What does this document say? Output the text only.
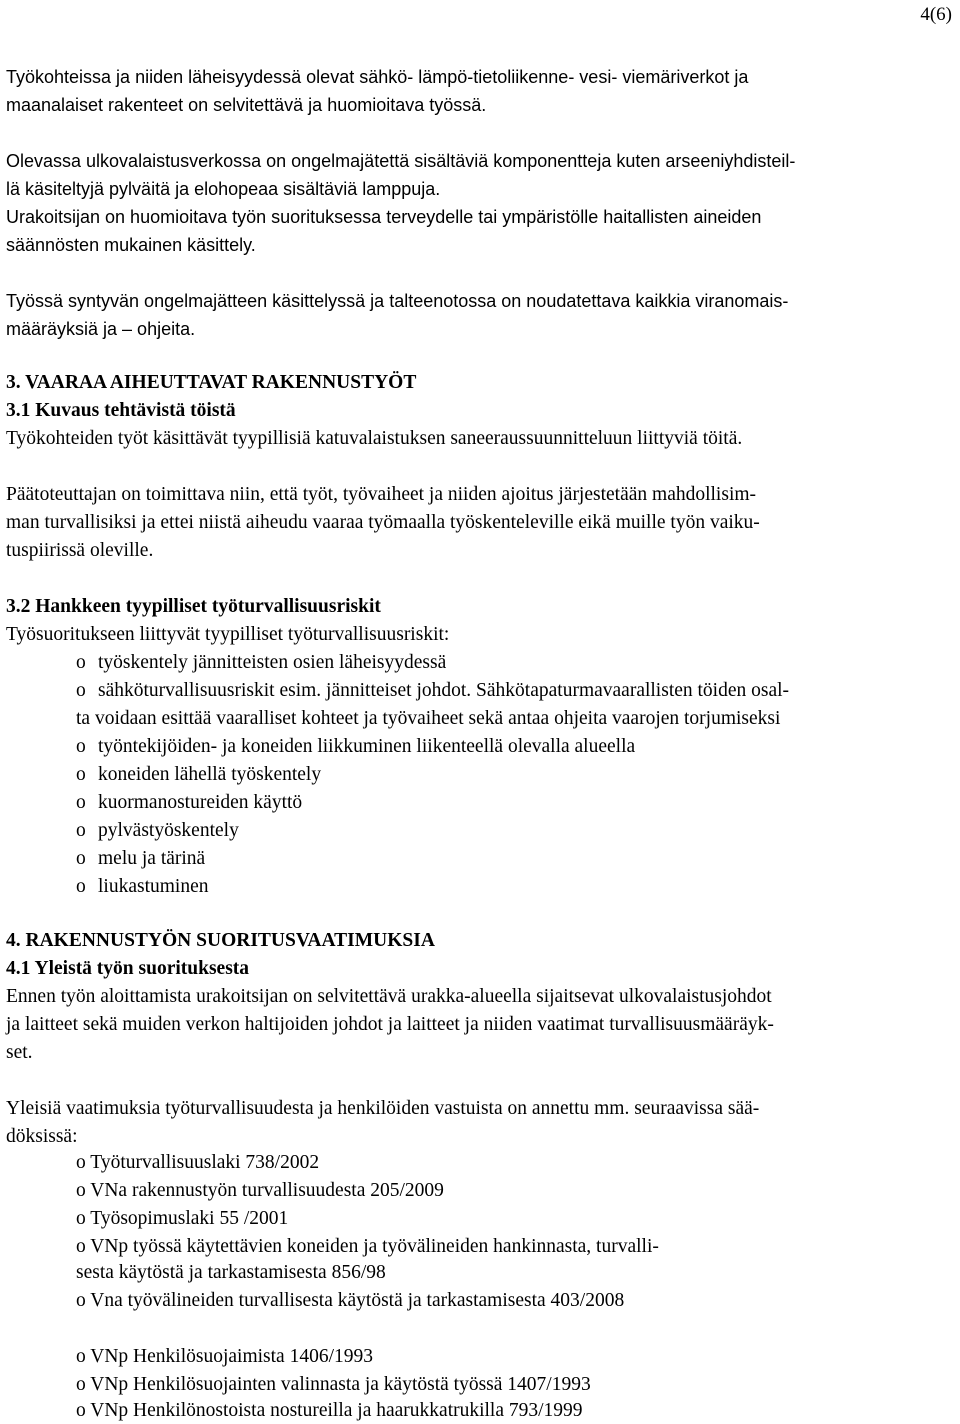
4(6)
Työkohteissa ja niiden läheisyydessä olevat sähkö- lämpö-tietoliikenne- vesi- viemäriverkot ja
maanalaiset rakenteet on selvitettävä ja huomioitava työssä.
Olevassa ulkovalaistusverkossa on ongelmajätettä sisältäviä komponentteja kuten arseeniyhdisteil-
lä käsiteltyjä pylväitä ja elohopeaa sisältäviä lamppuja.
Urakoitsijan on huomioitava työn suorituksessa terveydelle tai ympäristölle haitallisten aineiden
säännösten mukainen käsittely.
Työssä syntyvän ongelmajätteen käsittelyssä ja talteenotossa on noudatettava kaikkia viranomais-
määräyksiä ja – ohjeita.
3. VAARAA AIHEUTTAVAT RAKENNUSTYÖT
3.1 Kuvaus tehtävistä töistä
Työkohteiden työt käsittävät tyypillisiä katuvalaistuksen saneeraussuunnitteluun liittyviä töitä.
Päätoteuttajan on toimittava niin, että työt, työvaiheet ja niiden ajoitus järjestetään mahdollisim-
man turvallisiksi ja ettei niistä aiheudu vaaraa työmaalla työskenteleville eikä muille työn vaiku-
tuspiirissä oleville.
3.2 Hankkeen tyypilliset työturvallisuusriskit
Työsuoritukseen liittyvät tyypilliset työturvallisuusriskit:
o työskentely jännitteisten osien läheisyydessä
o sähköturvallisuusriskit esim. jännitteiset johdot. Sähkötapaturmavaarallisten töiden osal-
ta voidaan esittää vaaralliset kohteet ja työvaiheet sekä antaa ohjeita vaarojen torjumiseksi
o työntekijöiden- ja koneiden liikkuminen liikenteellä olevalla alueella
o koneiden lähellä työskentely
o kuormanostureiden käyttö
o pylvästyöskentely
o melu ja tärinä
o liukastuminen
4. RAKENNUSTYÖN SUORITUSVAATIMUKSIA
4.1 Yleistä työn suorituksesta
Ennen työn aloittamista urakoitsijan on selvitettävä urakka-alueella sijaitsevat ulkovalaistusjohdot
ja laitteet sekä muiden verkon haltijoiden johdot ja laitteet ja niiden vaatimat turvallisuusmääräyk-
set.
Yleisiä vaatimuksia työturvallisuudesta ja henkilöiden vastuista on annettu mm. seuraavissa sää-
döksissä:
o Työturvallisuuslaki 738/2002
o VNa rakennustyön turvallisuudesta 205/2009
o Työsopimuslaki 55 /2001
o VNp työssä käytettävien koneiden ja työvälineiden hankinnasta, turvalli-
sesta käytöstä ja tarkastamisesta 856/98
o Vna työvälineiden turvallisesta käytöstä ja tarkastamisesta 403/2008
o VNp Henkilösuojaimista 1406/1993
o VNp Henkilösuojainten valinnasta ja käytöstä työssä 1407/1993
o VNp Henkilönostoista nostureilla ja haarukkatrukilla 793/1999
